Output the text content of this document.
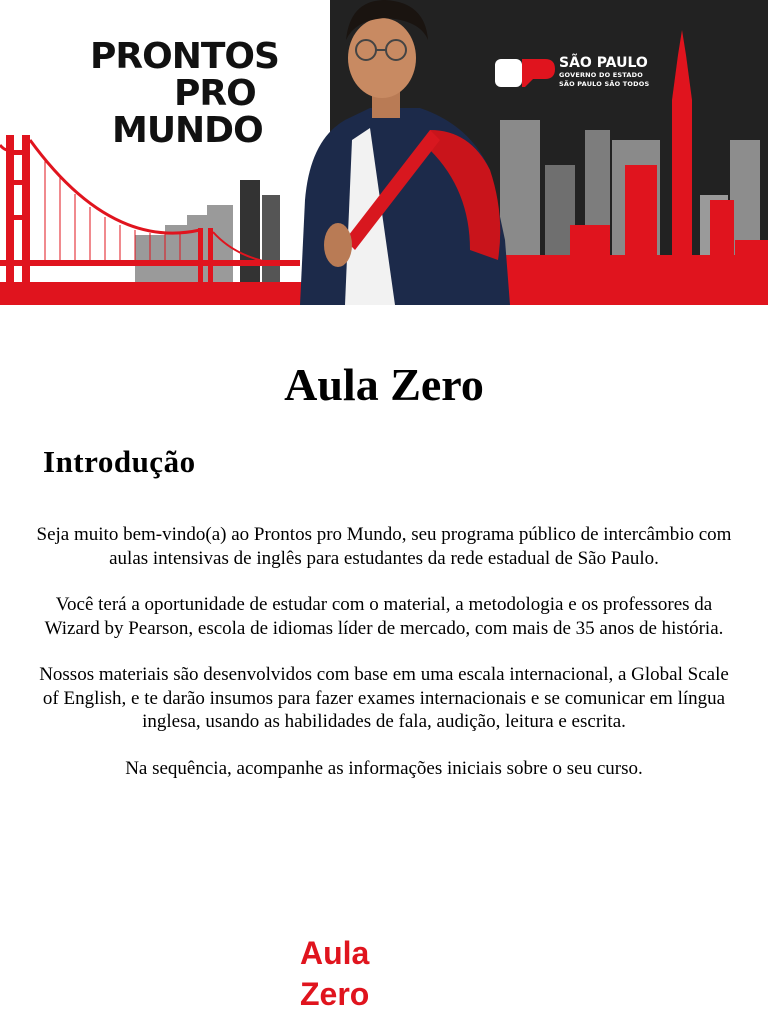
PRONTOS
PRO
MUNDO
SÃO PAULO
GOVERNO DO ESTADO
SÃO PAULO SÃO TODOS
Aula Zero
Introdução

Seja muito bem-vindo(a) ao Prontos pro Mundo, seu programa público de intercâmbio com aulas intensivas de inglês para estudantes da rede estadual de São Paulo.

Você terá a oportunidade de estudar com o material, a metodologia e os professores da Wizard by Pearson, escola de idiomas líder de mercado, com mais de 35 anos de história.

Nossos materiais são desenvolvidos com base em uma escala internacional, a Global Scale of English, e te darão insumos para fazer exames internacionais e se comunicar em língua inglesa, usando as habilidades de fala, audição, leitura e escrita.

Na sequência, acompanhe as informações iniciais sobre o seu curso.

Aula
Zero
